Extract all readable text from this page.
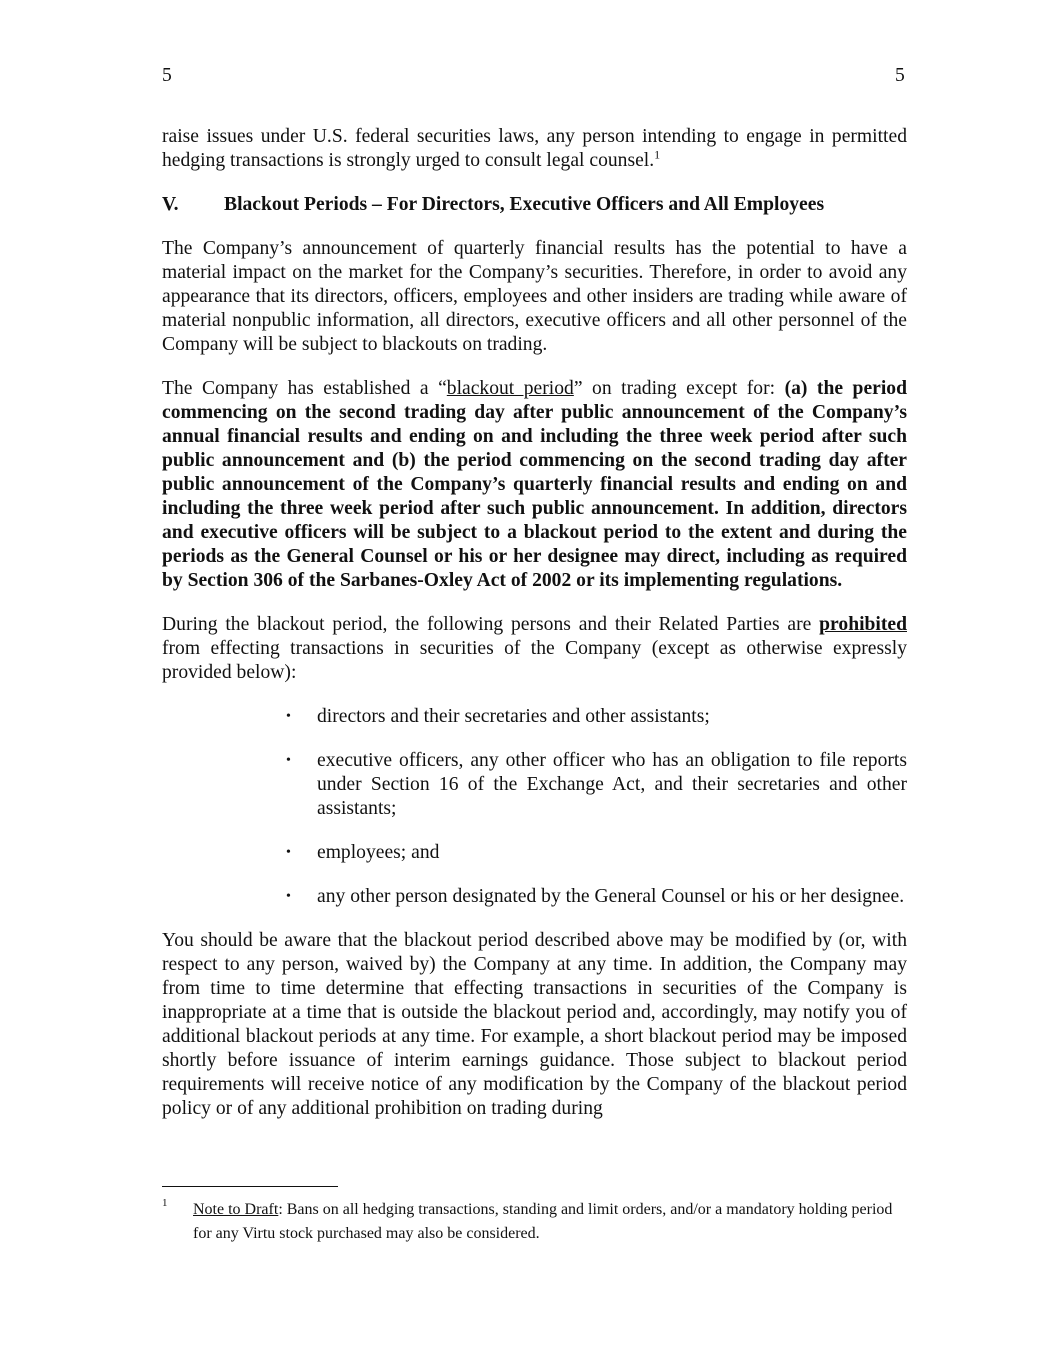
5	5

raise issues under U.S. federal securities laws, any person intending to engage in permitted hedging transactions is strongly urged to consult legal counsel.$^1$

V.	Blackout Periods – For Directors, Executive Officers and All Employees

The Company’s announcement of quarterly financial results has the potential to have a material impact on the market for the Company’s securities. Therefore, in order to avoid any appearance that its directors, officers, employees and other insiders are trading while aware of material nonpublic information, all directors, executive officers and all other personnel of the Company will be subject to blackouts on trading.

The Company has established a “blackout period” on trading except for: (a) the period commencing on the second trading day after public announcement of the Company’s annual financial results and ending on and including the three week period after such public announcement and (b) the period commencing on the second trading day after public announcement of the Company’s quarterly financial results and ending on and including the three week period after such public announcement. In addition, directors and executive officers will be subject to a blackout period to the extent and during the periods as the General Counsel or his or her designee may direct, including as required by Section 306 of the Sarbanes-Oxley Act of 2002 or its implementing regulations.

During the blackout period, the following persons and their Related Parties are prohibited from effecting transactions in securities of the Company (except as otherwise expressly provided below):

•	directors and their secretaries and other assistants;
•	executive officers, any other officer who has an obligation to file reports under Section 16 of the Exchange Act, and their secretaries and other assistants;
•	employees; and
•	any other person designated by the General Counsel or his or her designee.

You should be aware that the blackout period described above may be modified by (or, with respect to any person, waived by) the Company at any time. In addition, the Company may from time to time determine that effecting transactions in securities of the Company is inappropriate at a time that is outside the blackout period and, accordingly, may notify you of additional blackout periods at any time. For example, a short blackout period may be imposed shortly before issuance of interim earnings guidance. Those subject to blackout period requirements will receive notice of any modification by the Company of the blackout period policy or of any additional prohibition on trading during

1	Note to Draft: Bans on all hedging transactions, standing and limit orders, and/or a mandatory holding period for any Virtu stock purchased may also be considered.
